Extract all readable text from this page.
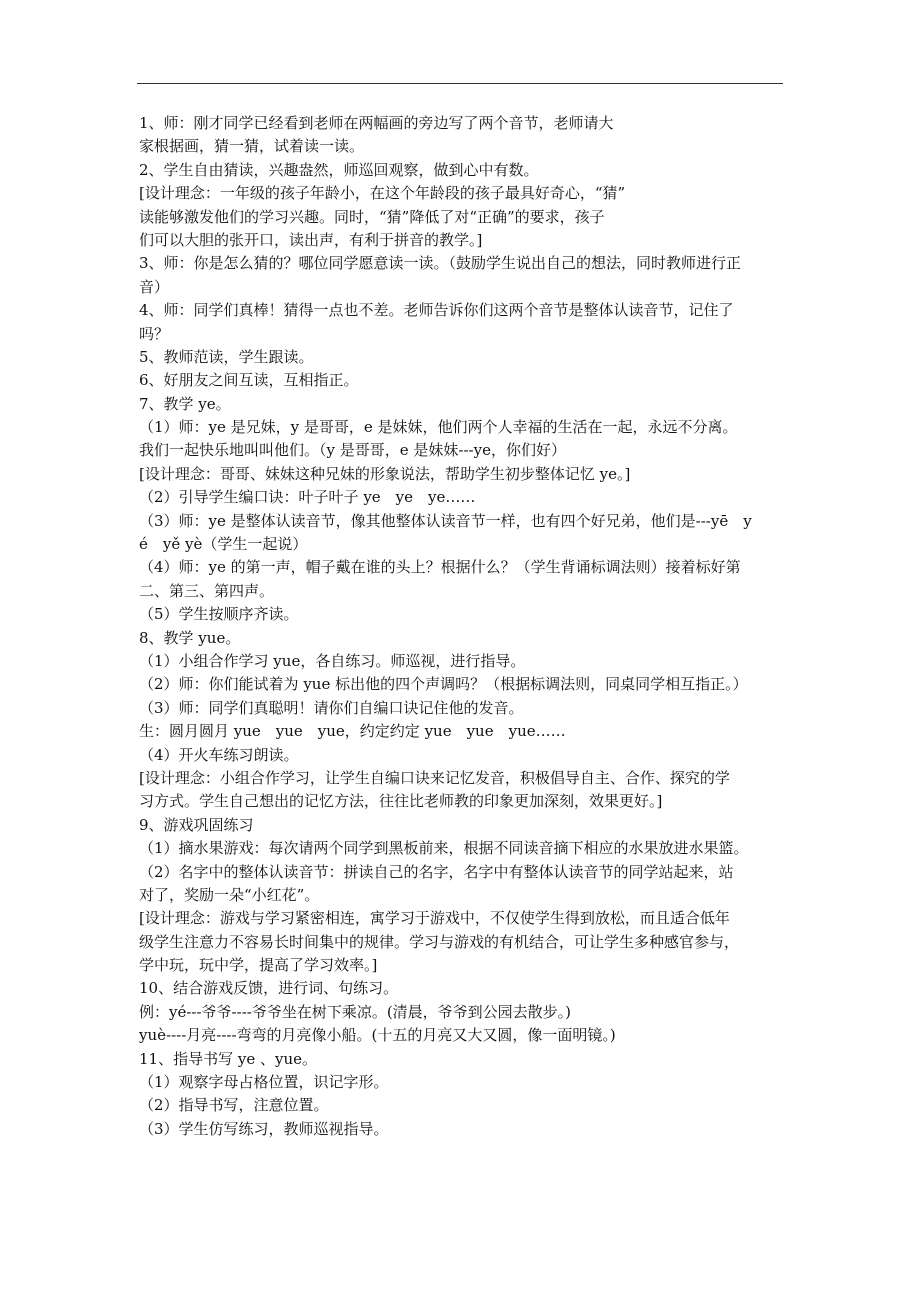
1、师：刚才同学已经看到老师在两幅画的旁边写了两个音节，老师请大
家根据画，猜一猜，试着读一读。
2、学生自由猜读，兴趣盎然，师巡回观察，做到心中有数。
[设计理念：一年级的孩子年龄小，在这个年龄段的孩子最具好奇心，“猜”
读能够激发他们的学习兴趣。同时，“猜”降低了对“正确”的要求，孩子
们可以大胆的张开口，读出声，有利于拼音的教学。]
3、师：你是怎么猜的？哪位同学愿意读一读。（鼓励学生说出自己的想法，同时教师进行正
音）
4、师：同学们真棒！猜得一点也不差。老师告诉你们这两个音节是整体认读音节，记住了
吗？
5、教师范读，学生跟读。
6、好朋友之间互读，互相指正。
7、教学 ye。
（1）师：ye 是兄妹，y 是哥哥，e 是妹妹，他们两个人幸福的生活在一起，永远不分离。
我们一起快乐地叫叫他们。（y 是哥哥，e 是妹妹---ye，你们好）
[设计理念：哥哥、妹妹这种兄妹的形象说法，帮助学生初步整体记忆 ye。]
（2）引导学生编口诀：叶子叶子 ye　ye　ye……
（3）师：ye 是整体认读音节，像其他整体认读音节一样，也有四个好兄弟，他们是---yē　y
é　yě yè（学生一起说）
（4）师：ye 的第一声，帽子戴在谁的头上？根据什么？（学生背诵标调法则）接着标好第
二、第三、第四声。
（5）学生按顺序齐读。
8、教学 yue。
（1）小组合作学习 yue，各自练习。师巡视，进行指导。
（2）师：你们能试着为 yue 标出他的四个声调吗？（根据标调法则，同桌同学相互指正。）
（3）师：同学们真聪明！请你们自编口诀记住他的发音。
生：圆月圆月 yue　yue　yue，约定约定 yue　yue　yue……
（4）开火车练习朗读。
[设计理念：小组合作学习，让学生自编口诀来记忆发音，积极倡导自主、合作、探究的学
习方式。学生自己想出的记忆方法，往往比老师教的印象更加深刻，效果更好。]
9、游戏巩固练习
（1）摘水果游戏：每次请两个同学到黑板前来，根据不同读音摘下相应的水果放进水果篮。
（2）名字中的整体认读音节：拼读自己的名字，名字中有整体认读音节的同学站起来，站
对了，奖励一朵“小红花”。
[设计理念：游戏与学习紧密相连，寓学习于游戏中，不仅使学生得到放松，而且适合低年
级学生注意力不容易长时间集中的规律。学习与游戏的有机结合，可让学生多种感官参与，
学中玩，玩中学，提高了学习效率。]
10、结合游戏反馈，进行词、句练习。
例：yé---爷爷----爷爷坐在树下乘凉。(清晨，爷爷到公园去散步。)
yuè----月亮----弯弯的月亮像小船。(十五的月亮又大又圆，像一面明镜。)
11、指导书写 ye 、yue。
（1）观察字母占格位置，识记字形。
（2）指导书写，注意位置。
（3）学生仿写练习，教师巡视指导。
